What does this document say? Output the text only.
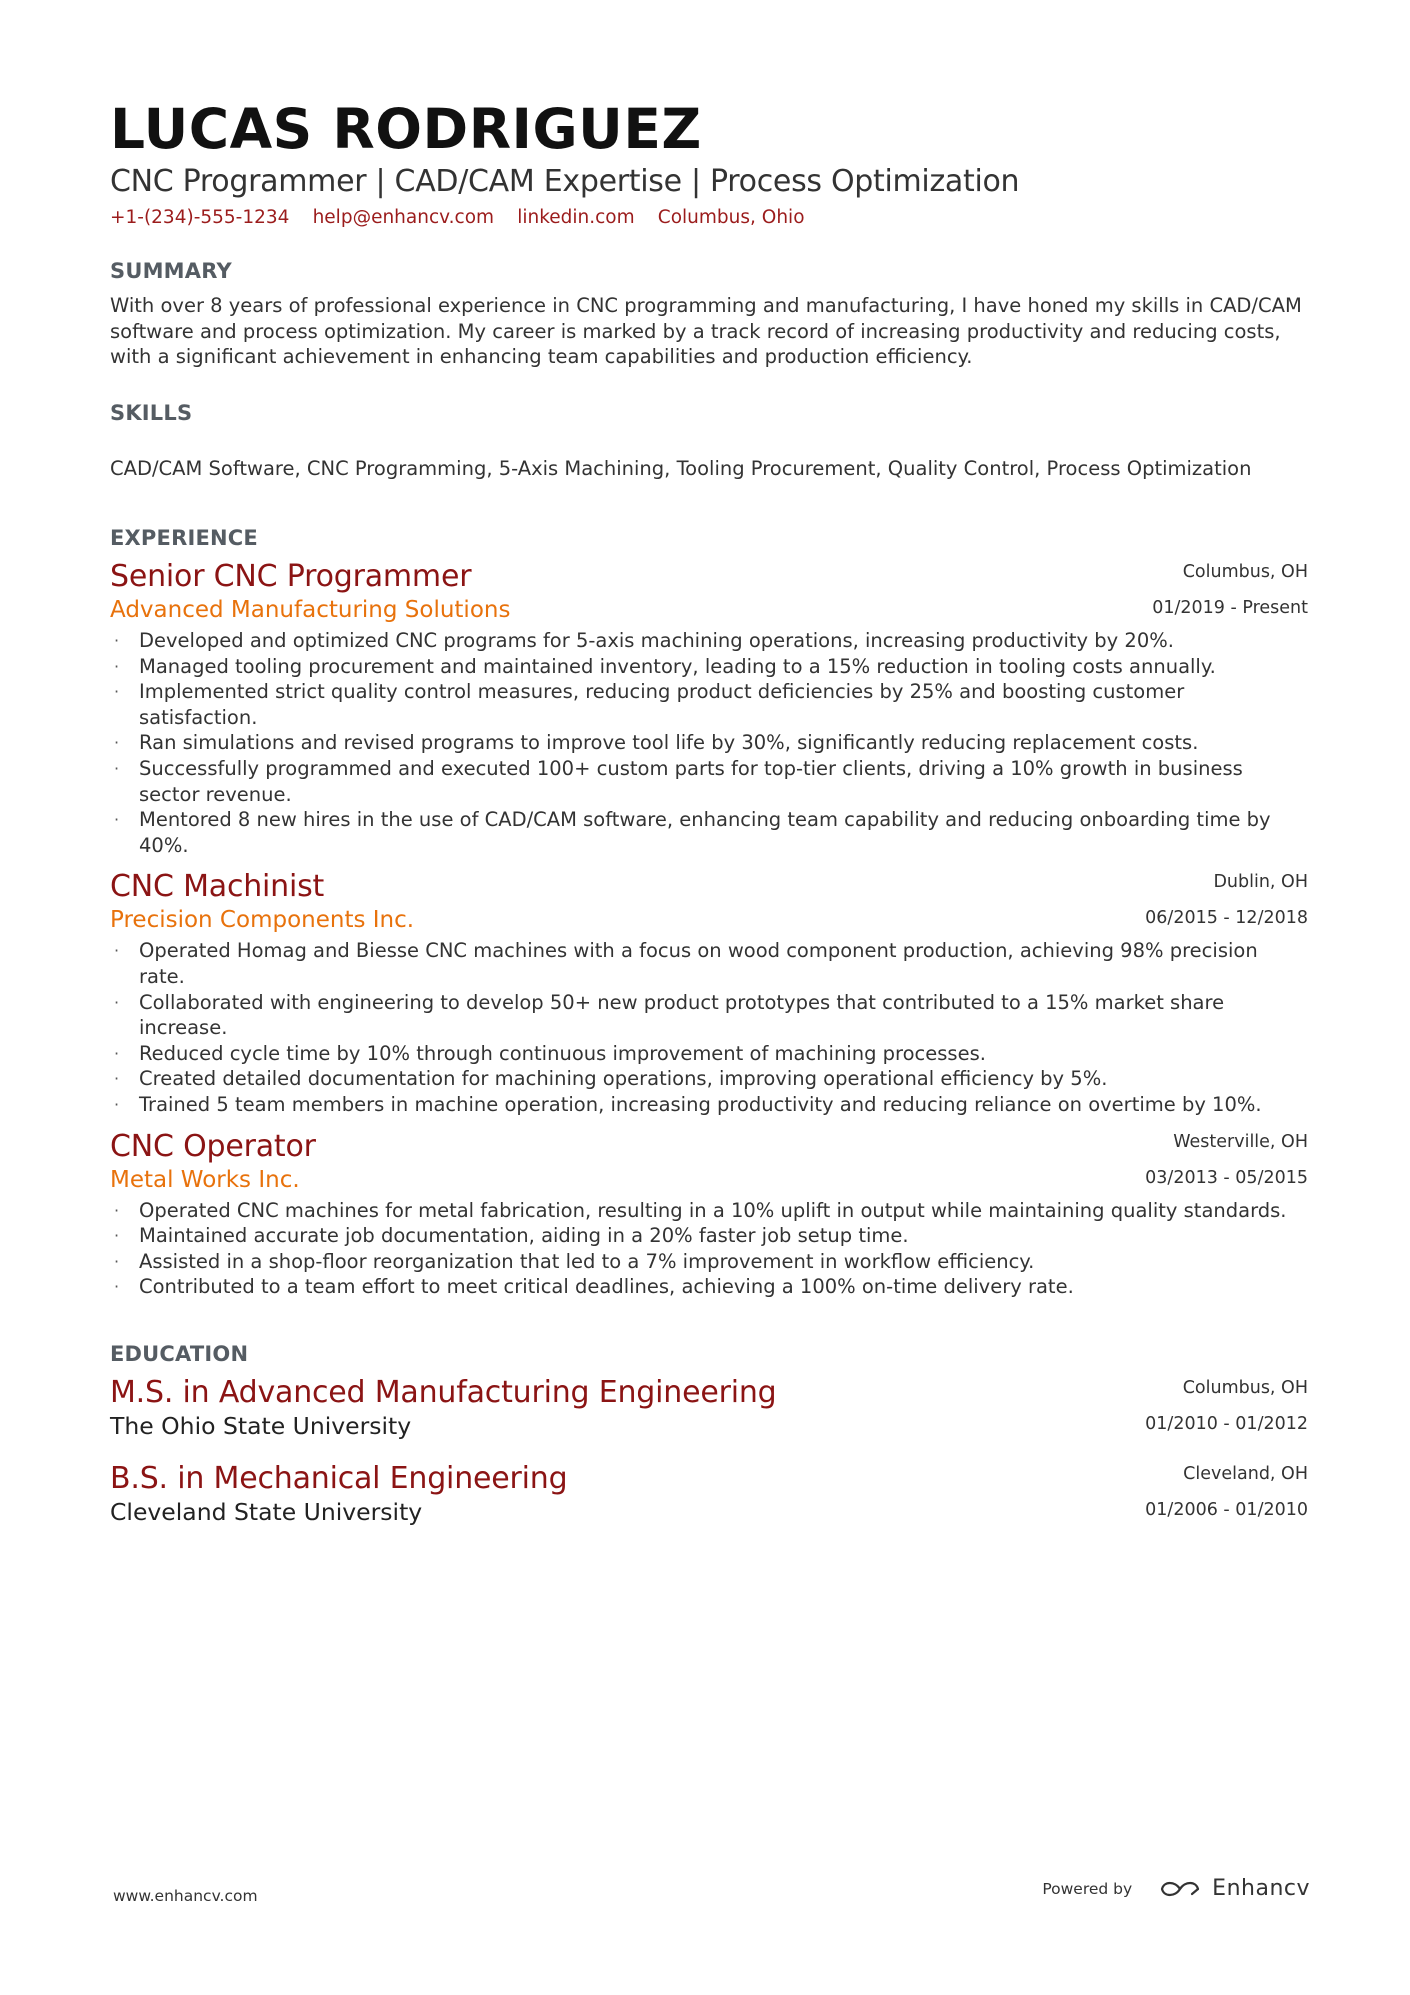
LUCAS RODRIGUEZ
CNC Programmer | CAD/CAM Expertise | Process Optimization
+1-(234)-555-1234 help@enhancv.com linkedin.com Columbus, Ohio
SUMMARY
With over 8 years of professional experience in CNC programming and manufacturing, I have honed my skills in CAD/CAM software and process optimization. My career is marked by a track record of increasing productivity and reducing costs, with a significant achievement in enhancing team capabilities and production efficiency.
SKILLS
CAD/CAM Software, CNC Programming, 5-Axis Machining, Tooling Procurement, Quality Control, Process Optimization
EXPERIENCE
Columbus, OH
01/2019 - Present
Senior CNC Programmer
Advanced Manufacturing Solutions
· Developed and optimized CNC programs for 5-axis machining operations, increasing productivity by 20%.
· Managed tooling procurement and maintained inventory, leading to a 15% reduction in tooling costs annually.
· Implemented strict quality control measures, reducing product deficiencies by 25% and boosting customer satisfaction.
· Ran simulations and revised programs to improve tool life by 30%, significantly reducing replacement costs.
· Successfully programmed and executed 100+ custom parts for top-tier clients, driving a 10% growth in business sector revenue.
· Mentored 8 new hires in the use of CAD/CAM software, enhancing team capability and reducing onboarding time by 40%.
Dublin, OH
06/2015 - 12/2018
CNC Machinist
Precision Components Inc.
· Operated Homag and Biesse CNC machines with a focus on wood component production, achieving 98% precision rate.
· Collaborated with engineering to develop 50+ new product prototypes that contributed to a 15% market share increase.
· Reduced cycle time by 10% through continuous improvement of machining processes.
· Created detailed documentation for machining operations, improving operational efficiency by 5%.
· Trained 5 team members in machine operation, increasing productivity and reducing reliance on overtime by 10%.
Westerville, OH
03/2013 - 05/2015
CNC Operator
Metal Works Inc.
· Operated CNC machines for metal fabrication, resulting in a 10% uplift in output while maintaining quality standards.
· Maintained accurate job documentation, aiding in a 20% faster job setup time.
· Assisted in a shop-floor reorganization that led to a 7% improvement in workflow efficiency.
· Contributed to a team effort to meet critical deadlines, achieving a 100% on-time delivery rate.
EDUCATION
Columbus, OH
01/2010 - 01/2012
M.S. in Advanced Manufacturing Engineering
The Ohio State University
Cleveland, OH
01/2006 - 01/2010
B.S. in Mechanical Engineering
Cleveland State University
www.enhancv.com	Powered by	Enhancv
